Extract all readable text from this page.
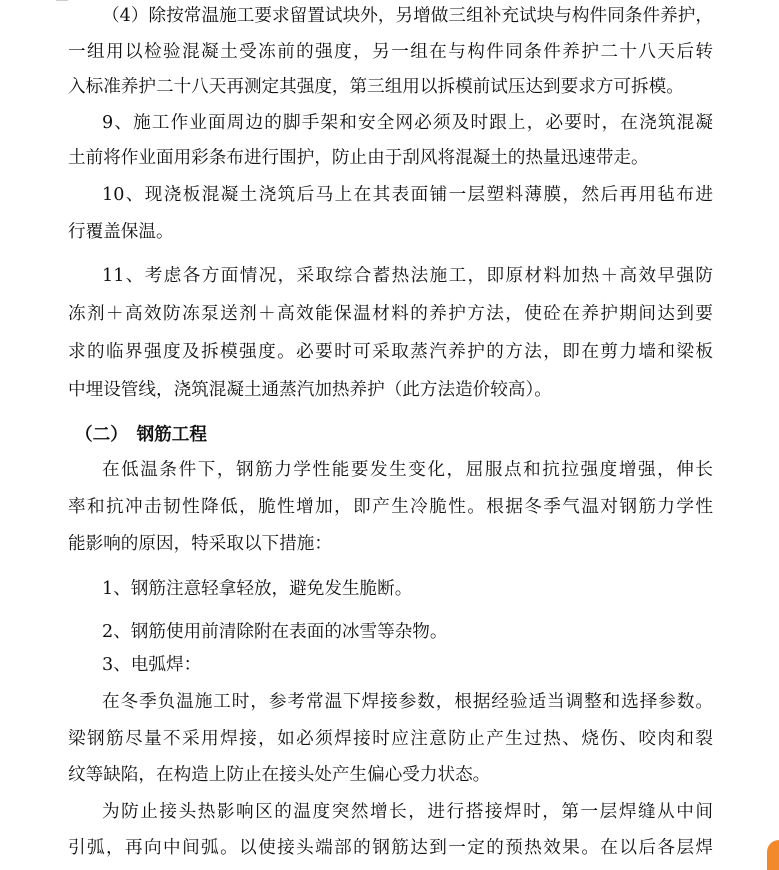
（4）除按常温施工要求留置试块外，另增做三组补充试块与构件同条件养护，
一组用以检验混凝土受冻前的强度，另一组在与构件同条件养护二十八天后转
入标准养护二十八天再测定其强度，第三组用以拆模前试压达到要求方可拆模。
9、施工作业面周边的脚手架和安全网必须及时跟上，必要时，在浇筑混凝
土前将作业面用彩条布进行围护，防止由于刮风将混凝土的热量迅速带走。
10、现浇板混凝土浇筑后马上在其表面铺一层塑料薄膜，然后再用毡布进
行覆盖保温。
11、考虑各方面情况，采取综合蓄热法施工，即原材料加热＋高效早强防
冻剂＋高效防冻泵送剂＋高效能保温材料的养护方法，使砼在养护期间达到要
求的临界强度及拆模强度。必要时可采取蒸汽养护的方法，即在剪力墙和梁板
中埋设管线，浇筑混凝土通蒸汽加热养护（此方法造价较高）。
（二）　钢筋工程
在低温条件下，钢筋力学性能要发生变化，屈服点和抗拉强度增强，伸长
率和抗冲击韧性降低，脆性增加，即产生冷脆性。根据冬季气温对钢筋力学性
能影响的原因，特采取以下措施：
1、钢筋注意轻拿轻放，避免发生脆断。
2、钢筋使用前清除附在表面的冰雪等杂物。
3、电弧焊：
在冬季负温施工时，参考常温下焊接参数，根据经验适当调整和选择参数。
梁钢筋尽量不采用焊接，如必须焊接时应注意防止产生过热、烧伤、咬肉和裂
纹等缺陷，在构造上防止在接头处产生偏心受力状态。
为防止接头热影响区的温度突然增长，进行搭接焊时，第一层焊缝从中间
引弧，再向中间弧。以使接头端部的钢筋达到一定的预热效果。在以后各层焊
